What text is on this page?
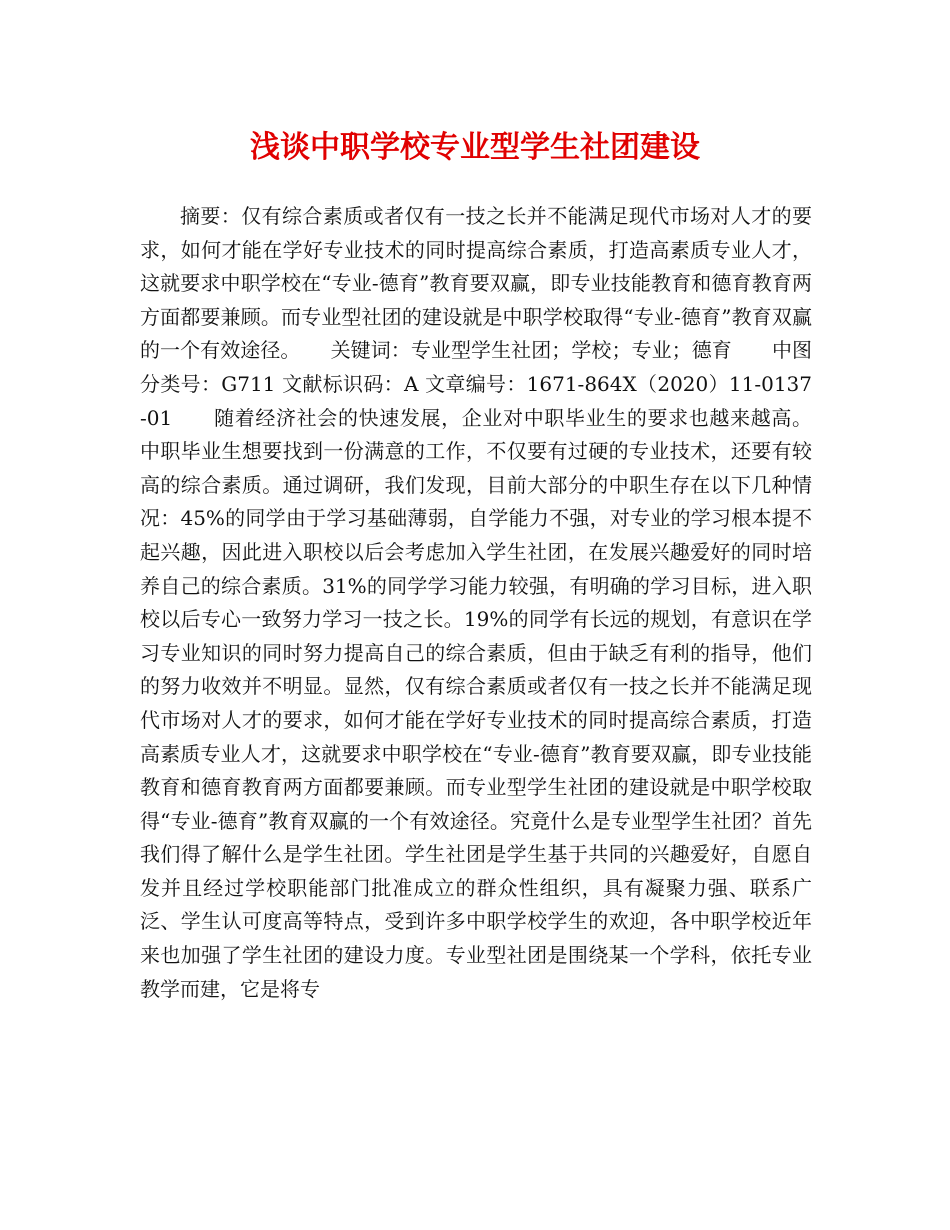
浅谈中职学校专业型学生社团建设

摘要：仅有综合素质或者仅有一技之长并不能满足现代市场对人才的要求，如何才能在学好专业技术的同时提高综合素质，打造高素质专业人才，这就要求中职学校在“专业-德育”教育要双赢，即专业技能教育和德育教育两方面都要兼顾。而专业型社团的建设就是中职学校取得“专业-德育”教育双赢的一个有效途径。　　关键词：专业型学生社团；学校；专业；德育　　中图分类号：G711 文献标识码：A 文章编号：1671-864X（2020）11-0137-01　　随着经济社会的快速发展，企业对中职毕业生的要求也越来越高。中职毕业生想要找到一份满意的工作，不仅要有过硬的专业技术，还要有较高的综合素质。通过调研，我们发现，目前大部分的中职生存在以下几种情况：45%的同学由于学习基础薄弱，自学能力不强，对专业的学习根本提不起兴趣，因此进入职校以后会考虑加入学生社团，在发展兴趣爱好的同时培养自己的综合素质。31%的同学学习能力较强，有明确的学习目标，进入职校以后专心一致努力学习一技之长。19%的同学有长远的规划，有意识在学习专业知识的同时努力提高自己的综合素质，但由于缺乏有利的指导，他们的努力收效并不明显。显然，仅有综合素质或者仅有一技之长并不能满足现代市场对人才的要求，如何才能在学好专业技术的同时提高综合素质，打造高素质专业人才，这就要求中职学校在“专业-德育”教育要双赢，即专业技能教育和德育教育两方面都要兼顾。而专业型学生社团的建设就是中职学校取得“专业-德育”教育双赢的一个有效途径。究竟什么是专业型学生社团？首先我们得了解什么是学生社团。学生社团是学生基于共同的兴趣爱好，自愿自发并且经过学校职能部门批准成立的群众性组织，具有凝聚力强、联系广泛、学生认可度高等特点，受到许多中职学校学生的欢迎，各中职学校近年来也加强了学生社团的建设力度。专业型社团是围绕某一个学科，依托专业教学而建，它是将专
